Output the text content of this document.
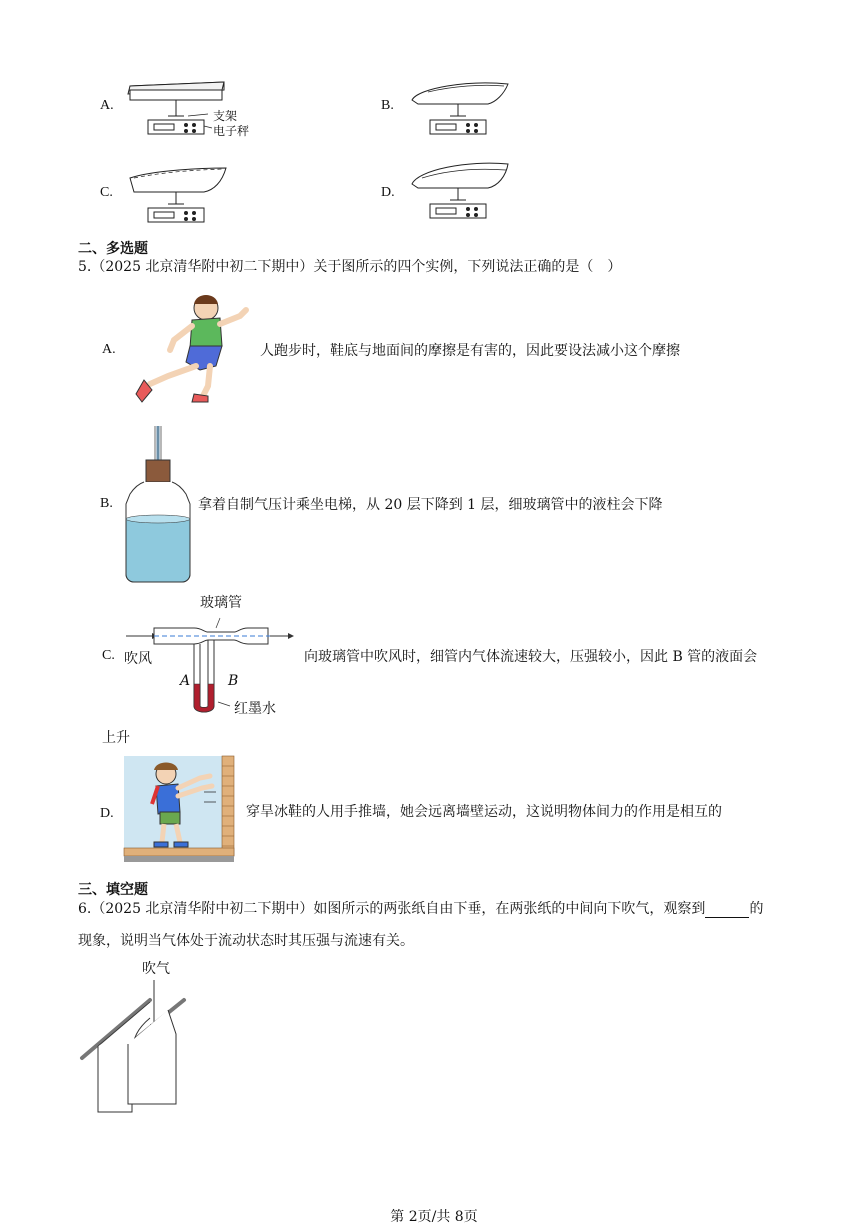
A.
支架
电子秤
B.
C.	D.
二、多选题
5.（2025 北京清华附中初二下期中）关于图所示的四个实例，下列说法正确的是（　）
A.	人跑步时，鞋底与地面间的摩擦是有害的，因此要设法减小这个摩擦
B.	拿着自制气压计乘坐电梯，从 20 层下降到 1 层，细玻璃管中的液柱会下降
C.
玻璃管
吹风
A	B
红墨水
向玻璃管中吹风时，细管内气体流速较大，压强较小，因此 B 管的液面会
上升
D.	穿旱冰鞋的人用手推墙，她会远离墙壁运动，这说明物体间力的作用是相互的
三、填空题
6.（2025 北京清华附中初二下期中）如图所示的两张纸自由下垂，在两张纸的中间向下吹气，观察到	的
现象，说明当气体处于流动状态时其压强与流速有关。
吹气
第 2页/共 8页
